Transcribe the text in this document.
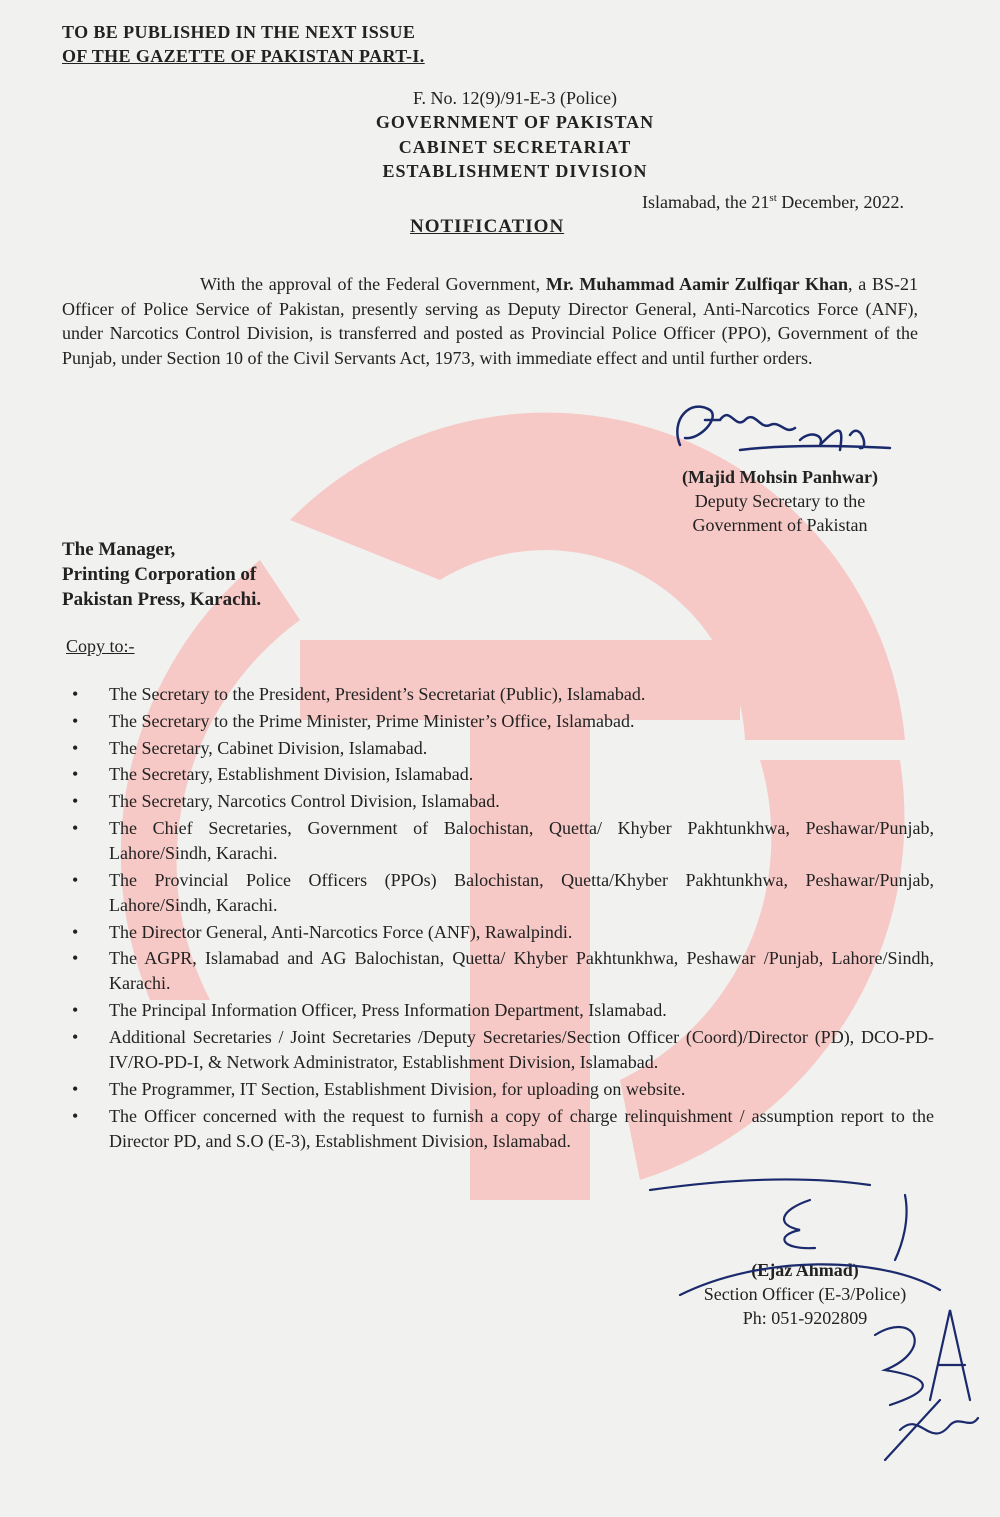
TO BE PUBLISHED IN THE NEXT ISSUE
OF THE GAZETTE OF PAKISTAN PART-I.
F. No. 12(9)/91-E-3 (Police)
GOVERNMENT OF PAKISTAN
CABINET SECRETARIAT
ESTABLISHMENT DIVISION
Islamabad, the 21st December, 2022.
NOTIFICATION

With the approval of the Federal Government, Mr. Muhammad Aamir Zulfiqar Khan, a BS-21 Officer of Police Service of Pakistan, presently serving as Deputy Director General, Anti-Narcotics Force (ANF), under Narcotics Control Division, is transferred and posted as Provincial Police Officer (PPO), Government of the Punjab, under Section 10 of the Civil Servants Act, 1973, with immediate effect and until further orders.

(Majid Mohsin Panhwar)
Deputy Secretary to the
Government of Pakistan
The Manager,
Printing Corporation of
Pakistan Press, Karachi.
Copy to:-
• The Secretary to the President, President’s Secretariat (Public), Islamabad.
• The Secretary to the Prime Minister, Prime Minister’s Office, Islamabad.
• The Secretary, Cabinet Division, Islamabad.
• The Secretary, Establishment Division, Islamabad.
• The Secretary, Narcotics Control Division, Islamabad.
• The Chief Secretaries, Government of Balochistan, Quetta/ Khyber Pakhtunkhwa, Peshawar/Punjab, Lahore/Sindh, Karachi.
• The Provincial Police Officers (PPOs) Balochistan, Quetta/Khyber Pakhtunkhwa, Peshawar/Punjab, Lahore/Sindh, Karachi.
• The Director General, Anti-Narcotics Force (ANF), Rawalpindi.
• The AGPR, Islamabad and AG Balochistan, Quetta/ Khyber Pakhtunkhwa, Peshawar /Punjab, Lahore/Sindh, Karachi.
• The Principal Information Officer, Press Information Department, Islamabad.
• Additional Secretaries / Joint Secretaries /Deputy Secretaries/Section Officer (Coord)/Director (PD), DCO-PD-IV/RO-PD-I, & Network Administrator, Establishment Division, Islamabad.
• The Programmer, IT Section, Establishment Division, for uploading on website.
• The Officer concerned with the request to furnish a copy of charge relinquishment / assumption report to the Director PD, and S.O (E-3), Establishment Division, Islamabad.
(Ejaz Ahmad)
Section Officer (E-3/Police)
Ph: 051-9202809
